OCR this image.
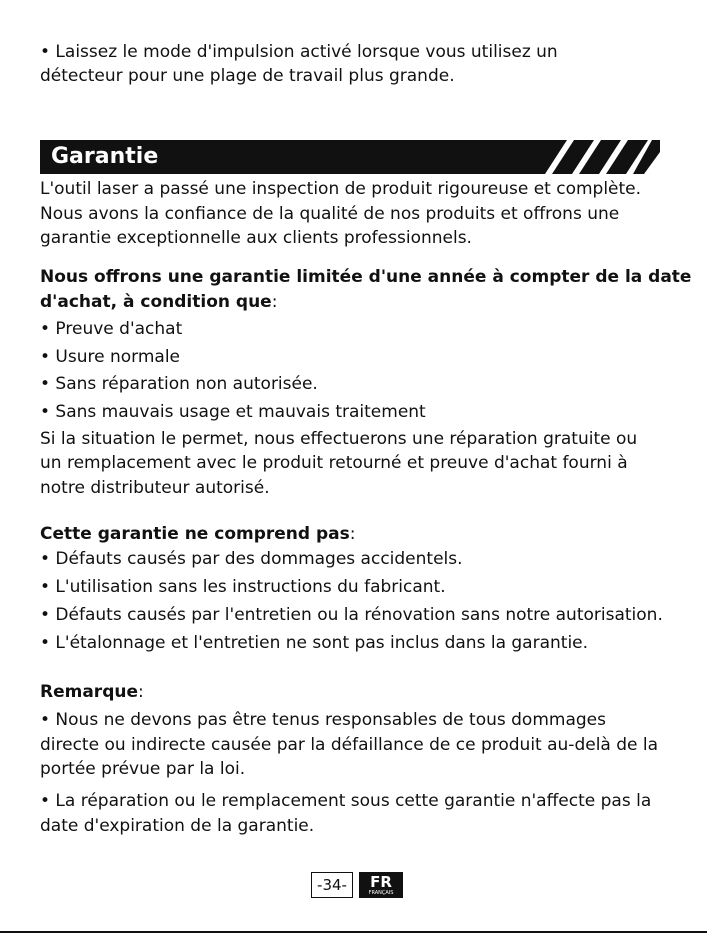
• Laissez le mode d'impulsion activé lorsque vous utilisez un
détecteur pour une plage de travail plus grande.
Garantie
L'outil laser a passé une inspection de produit rigoureuse et complète.
Nous avons la confiance de la qualité de nos produits et offrons une
garantie exceptionnelle aux clients professionnels.
Nous offrons une garantie limitée d'une année à compter de la date
d'achat, à condition que:
• Preuve d'achat
• Usure normale
• Sans réparation non autorisée.
• Sans mauvais usage et mauvais traitement
Si la situation le permet, nous effectuerons une réparation gratuite ou
un remplacement avec le produit retourné et preuve d'achat fourni à
notre distributeur autorisé.
Cette garantie ne comprend pas:
• Défauts causés par des dommages accidentels.
• L'utilisation sans les instructions du fabricant.
• Défauts causés par l'entretien ou la rénovation sans notre autorisation.
• L'étalonnage et l'entretien ne sont pas inclus dans la garantie.
Remarque:
• Nous ne devons pas être tenus responsables de tous dommages
directe ou indirecte causée par la défaillance de ce produit au-delà de la
portée prévue par la loi.
• La réparation ou le remplacement sous cette garantie n'affecte pas la
date d'expiration de la garantie.
-34-	FR
FRANÇAIS
